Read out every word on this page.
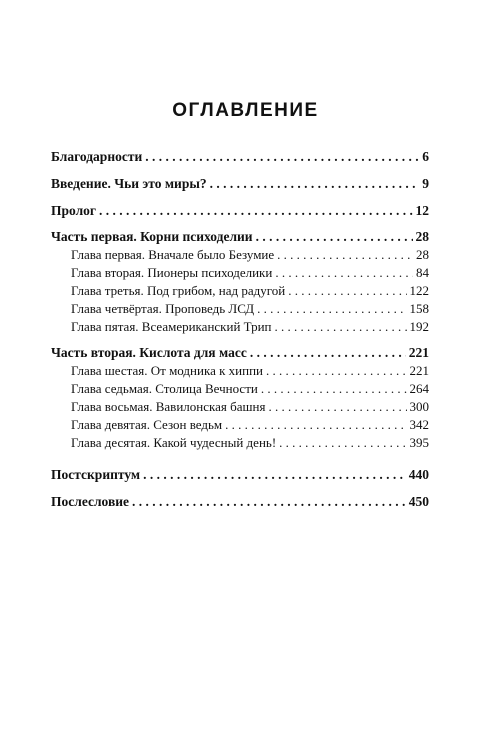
ОГЛАВЛЕНИЕ
Благодарности . . .	6
Введение. Чьи это миры? . . .	9
Пролог . . .	12
Часть первая. Корни психоделии . . .	28
Глава первая. Вначале было Безумие . . .	28
Глава вторая. Пионеры психоделики . . .	84
Глава третья. Под грибом, над радугой . . .	122
Глава четвёртая. Проповедь ЛСД . . .	158
Глава пятая. Всеамериканский Трип . . .	192
Часть вторая. Кислота для масс . . .	221
Глава шестая. От модника к хиппи . . .	221
Глава седьмая. Столица Вечности . . .	264
Глава восьмая. Вавилонская башня . . .	300
Глава девятая. Сезон ведьм . . .	342
Глава десятая. Какой чудесный день! . . .	395
Постскриптум . . .	440
Послесловие . . .	450
